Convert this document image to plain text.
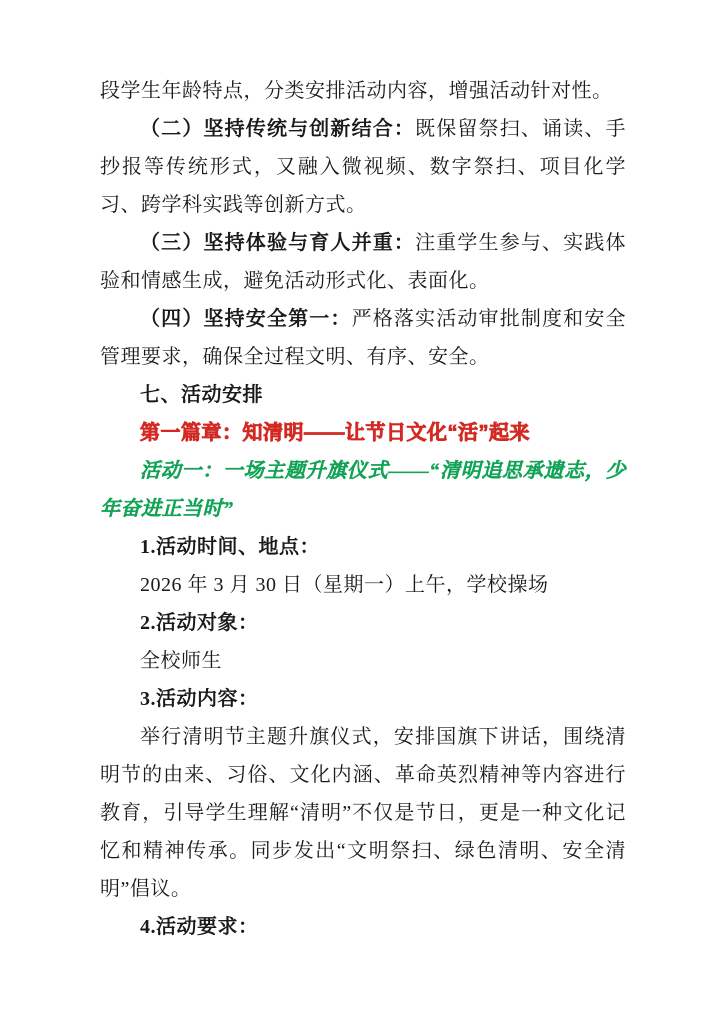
段学生年龄特点，分类安排活动内容，增强活动针对性。

（二）坚持传统与创新结合：既保留祭扫、诵读、手抄报等传统形式，又融入微视频、数字祭扫、项目化学习、跨学科实践等创新方式。

（三）坚持体验与育人并重：注重学生参与、实践体验和情感生成，避免活动形式化、表面化。

（四）坚持安全第一：严格落实活动审批制度和安全管理要求，确保全过程文明、有序、安全。

七、活动安排

第一篇章：知清明——让节日文化“活”起来

活动一：一场主题升旗仪式——“清明追思承遗志，少年奋进正当时”

1.活动时间、地点：

2026 年 3 月 30 日（星期一）上午，学校操场

2.活动对象：

全校师生

3.活动内容：

举行清明节主题升旗仪式，安排国旗下讲话，围绕清明节的由来、习俗、文化内涵、革命英烈精神等内容进行教育，引导学生理解“清明”不仅是节日，更是一种文化记忆和精神传承。同步发出“文明祭扫、绿色清明、安全清明”倡议。

4.活动要求：
